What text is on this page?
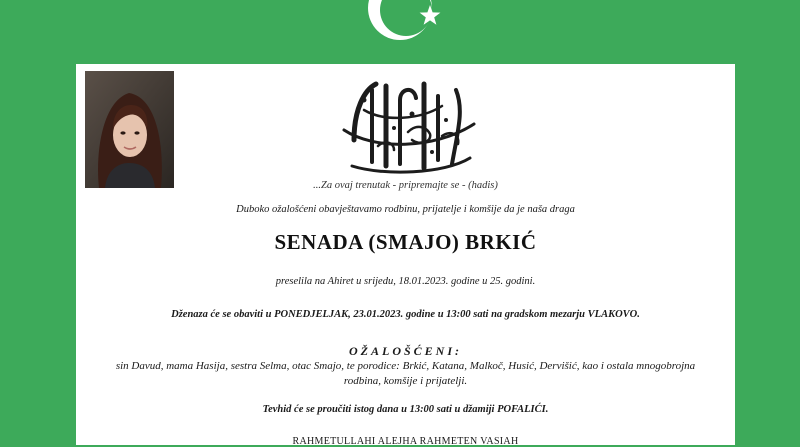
...Za ovaj trenutak - pripremajte se - (hadis)
Duboko ožalošćeni obavještavamo rodbinu, prijatelje i komšije da je naša draga
SENADA (SMAJO) BRKIĆ
preselila na Ahiret u srijedu, 18.01.2023. godine u 25. godini.
Dženaza će se obaviti u PONEDJELJAK, 23.01.2023. godine u 13:00 sati na gradskom mezarju VLAKOVO.
OŽALOŠĆENI:
sin Davud, mama Hasija, sestra Selma, otac Smajo, te porodice: Brkić, Katana, Malkoč, Husić, Dervišić, kao i ostala mnogobrojna rodbina, komšije i prijatelji.
Tevhid će se proučiti istog dana u 13:00 sati u džamiji POFALIĆI.
RAHMETULLAHI ALEJHA RAHMETEN VASIAH
